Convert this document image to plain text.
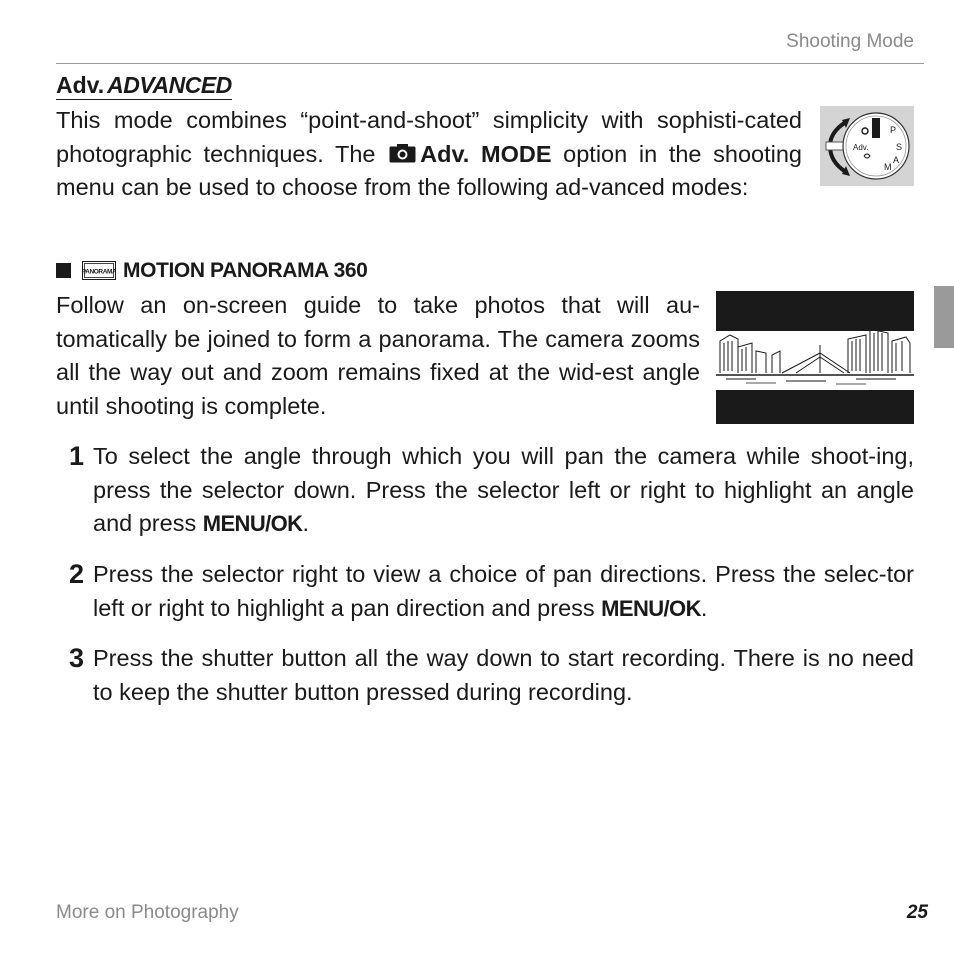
Shooting Mode
Adv. ADVANCED
This mode combines “point-and-shoot” simplicity with sophisti-cated photographic techniques. The Adv. MODE option in the shooting menu can be used to choose from the following ad-vanced modes:
Adv.	S
P
M
A
PANORAMA MOTION PANORAMA 360
Follow an on-screen guide to take photos that will au-tomatically be joined to form a panorama. The camera zooms all the way out and zoom remains fixed at the wid-est angle until shooting is complete.
1 To select the angle through which you will pan the camera while shoot-ing, press the selector down. Press the selector left or right to highlight an angle and press MENU/OK.
2 Press the selector right to view a choice of pan directions. Press the selec-tor left or right to highlight a pan direction and press MENU/OK.
3 Press the shutter button all the way down to start recording. There is no need to keep the shutter button pressed during recording.
More on Photography	25
